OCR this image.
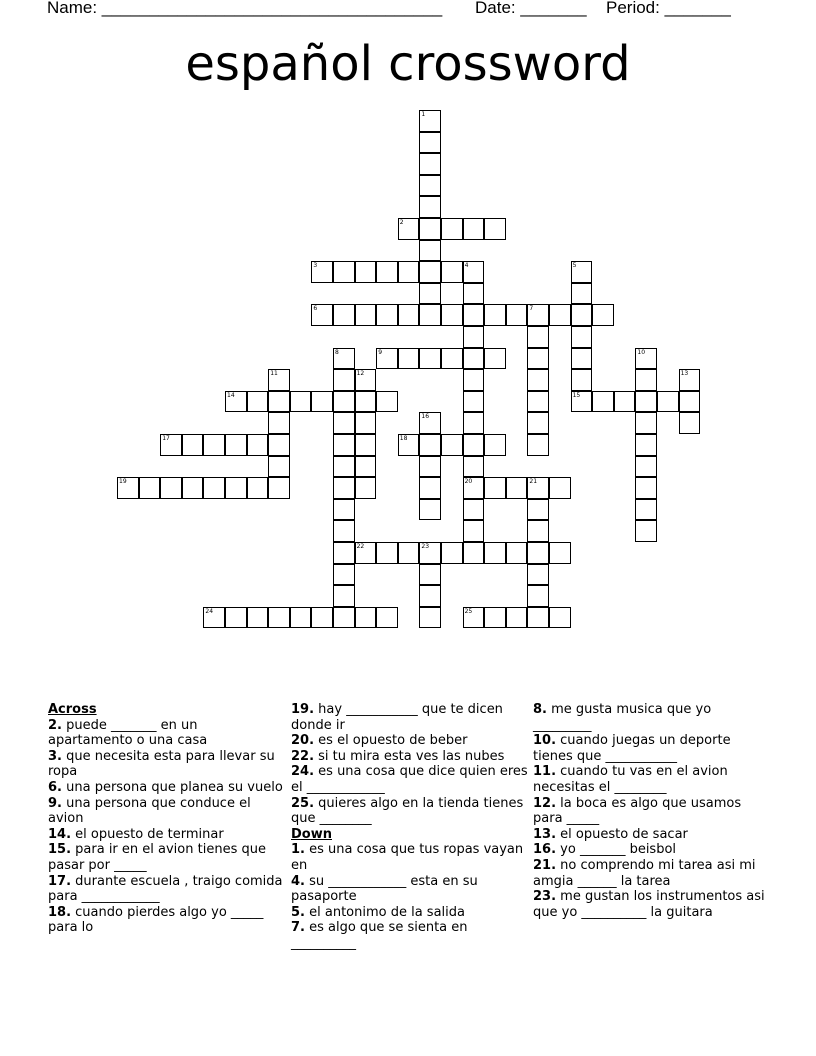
Name: ____________________________________ Date: _______ Period: _______
español crossword
1
2
3	4	5
6	7
8	9	10
11	12	13
14	15
16
17	18
19	20	21
22	23
24	25
Across
2. puede _______ en un apartamento o una casa
3. que necesita esta para llevar su ropa
6. una persona que planea su vuelo
9. una persona que conduce el avion
14. el opuesto de terminar
15. para ir en el avion tienes que pasar por _____
17. durante escuela , traigo comida para ____________
18. cuando pierdes algo yo _____ para lo
19. hay ___________ que te dicen donde ir
20. es el opuesto de beber
22. si tu mira esta ves las nubes
24. es una cosa que dice quien eres el ____________
25. quieres algo en la tienda tienes que ________
Down
1. es una cosa que tus ropas vayan en
4. su ____________ esta en su pasaporte
5. el antonimo de la salida
7. es algo que se sienta en __________
8. me gusta musica que yo _________
10. cuando juegas un deporte tienes que ___________
11. cuando tu vas en el avion necesitas el ________
12. la boca es algo que usamos para _____
13. el opuesto de sacar
16. yo _______ beisbol
21. no comprendo mi tarea asi mi amgia ______ la tarea
23. me gustan los instrumentos asi que yo __________ la guitara
